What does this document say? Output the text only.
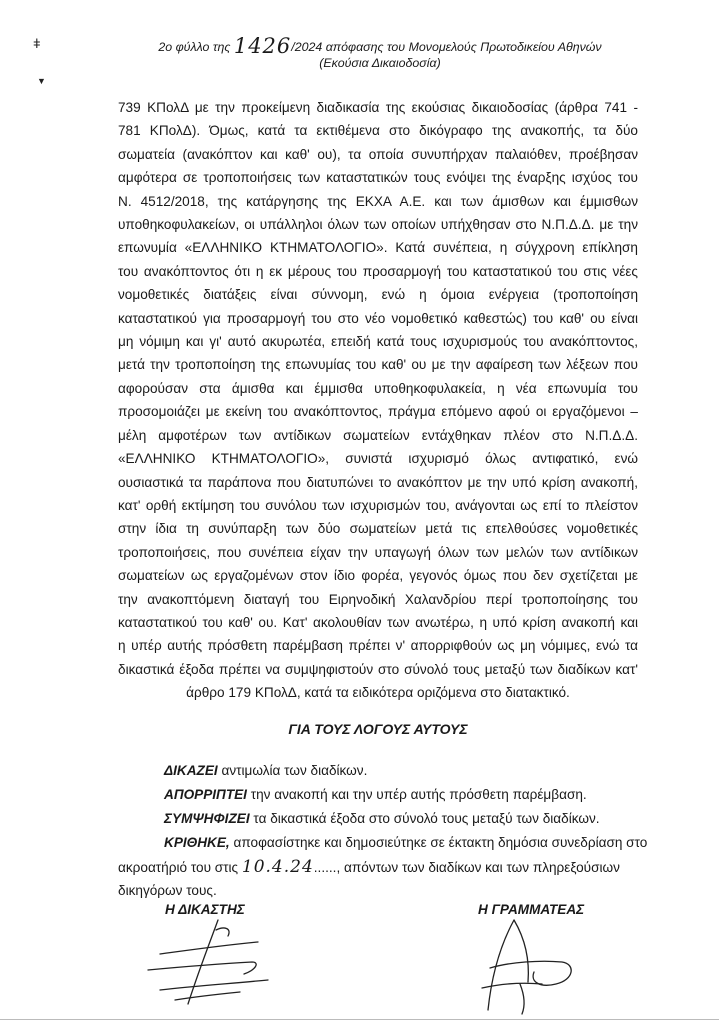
ǂ
▼
2ο φύλλο της 1426/2024 απόφασης του Μονομελούς Πρωτοδικείου Αθηνών
(Εκούσια Δικαιοδοσία)
739 ΚΠολΔ με την προκείμενη διαδικασία της εκούσιας δικαιοδοσίας (άρθρα 741 -
781 ΚΠολΔ). Όμως, κατά τα εκτιθέμενα στο δικόγραφο της ανακοπής, τα δύο
σωματεία (ανακόπτον και καθ' ου), τα οποία συνυπήρχαν παλαιόθεν, προέβησαν
αμφότερα σε τροποποιήσεις των καταστατικών τους ενόψει της έναρξης ισχύος του
Ν. 4512/2018, της κατάργησης της ΕΚΧΑ Α.Ε. και των άμισθων και έμμισθων
υποθηκοφυλακείων, οι υπάλληλοι όλων των οποίων υπήχθησαν στο Ν.Π.Δ.Δ. με την
επωνυμία «ΕΛΛΗΝΙΚΟ ΚΤΗΜΑΤΟΛΟΓΙΟ». Κατά συνέπεια, η σύγχρονη επίκληση
του ανακόπτοντος ότι η εκ μέρους του προσαρμογή του καταστατικού του στις νέες
νομοθετικές διατάξεις είναι σύννομη, ενώ η όμοια ενέργεια (τροποποίηση
καταστατικού για προσαρμογή του στο νέο νομοθετικό καθεστώς) του καθ' ου είναι
μη νόμιμη και γι' αυτό ακυρωτέα, επειδή κατά τους ισχυρισμούς του ανακόπτοντος,
μετά την τροποποίηση της επωνυμίας του καθ' ου με την αφαίρεση των λέξεων που
αφορούσαν στα άμισθα και έμμισθα υποθηκοφυλακεία, η νέα επωνυμία του
προσομοιάζει με εκείνη του ανακόπτοντος, πράγμα επόμενο αφού οι εργαζόμενοι –
μέλη αμφοτέρων των αντίδικων σωματείων εντάχθηκαν πλέον στο Ν.Π.Δ.Δ.
«ΕΛΛΗΝΙΚΟ ΚΤΗΜΑΤΟΛΟΓΙΟ», συνιστά ισχυρισμό όλως αντιφατικό, ενώ
ουσιαστικά τα παράπονα που διατυπώνει το ανακόπτον με την υπό κρίση ανακοπή,
κατ' ορθή εκτίμηση του συνόλου των ισχυρισμών του, ανάγονται ως επί το πλείστον
στην ίδια τη συνύπαρξη των δύο σωματείων μετά τις επελθούσες νομοθετικές
τροποποιήσεις, που συνέπεια είχαν την υπαγωγή όλων των μελών των αντίδικων
σωματείων ως εργαζομένων στον ίδιο φορέα, γεγονός όμως που δεν σχετίζεται με
την ανακοπτόμενη διαταγή του Ειρηνοδική Χαλανδρίου περί τροποποίησης του
καταστατικού του καθ' ου. Κατ' ακολουθίαν των ανωτέρω, η υπό κρίση ανακοπή και
η υπέρ αυτής πρόσθετη παρέμβαση πρέπει ν' απορριφθούν ως μη νόμιμες, ενώ τα
δικαστικά έξοδα πρέπει να συμψηφιστούν στο σύνολό τους μεταξύ των διαδίκων κατ'
άρθρο 179 ΚΠολΔ, κατά τα ειδικότερα οριζόμενα στο διατακτικό.
ΓΙΑ ΤΟΥΣ ΛΟΓΟΥΣ ΑΥΤΟΥΣ
ΔΙΚΑΖΕΙ αντιμωλία των διαδίκων.
ΑΠΟΡΡΙΠΤΕΙ την ανακοπή και την υπέρ αυτής πρόσθετη παρέμβαση.
ΣΥΜΨΗΦΙΖΕΙ τα δικαστικά έξοδα στο σύνολό τους μεταξύ των διαδίκων.
ΚΡΙΘΗΚΕ, αποφασίστηκε και δημοσιεύτηκε σε έκτακτη δημόσια συνεδρίαση στο
ακροατήριό του στις 10.4.24......, απόντων των διαδίκων και των πληρεξούσιων
δικηγόρων τους.
Η ΔΙΚΑΣΤΗΣ	Η ΓΡΑΜΜΑΤΕΑΣ
